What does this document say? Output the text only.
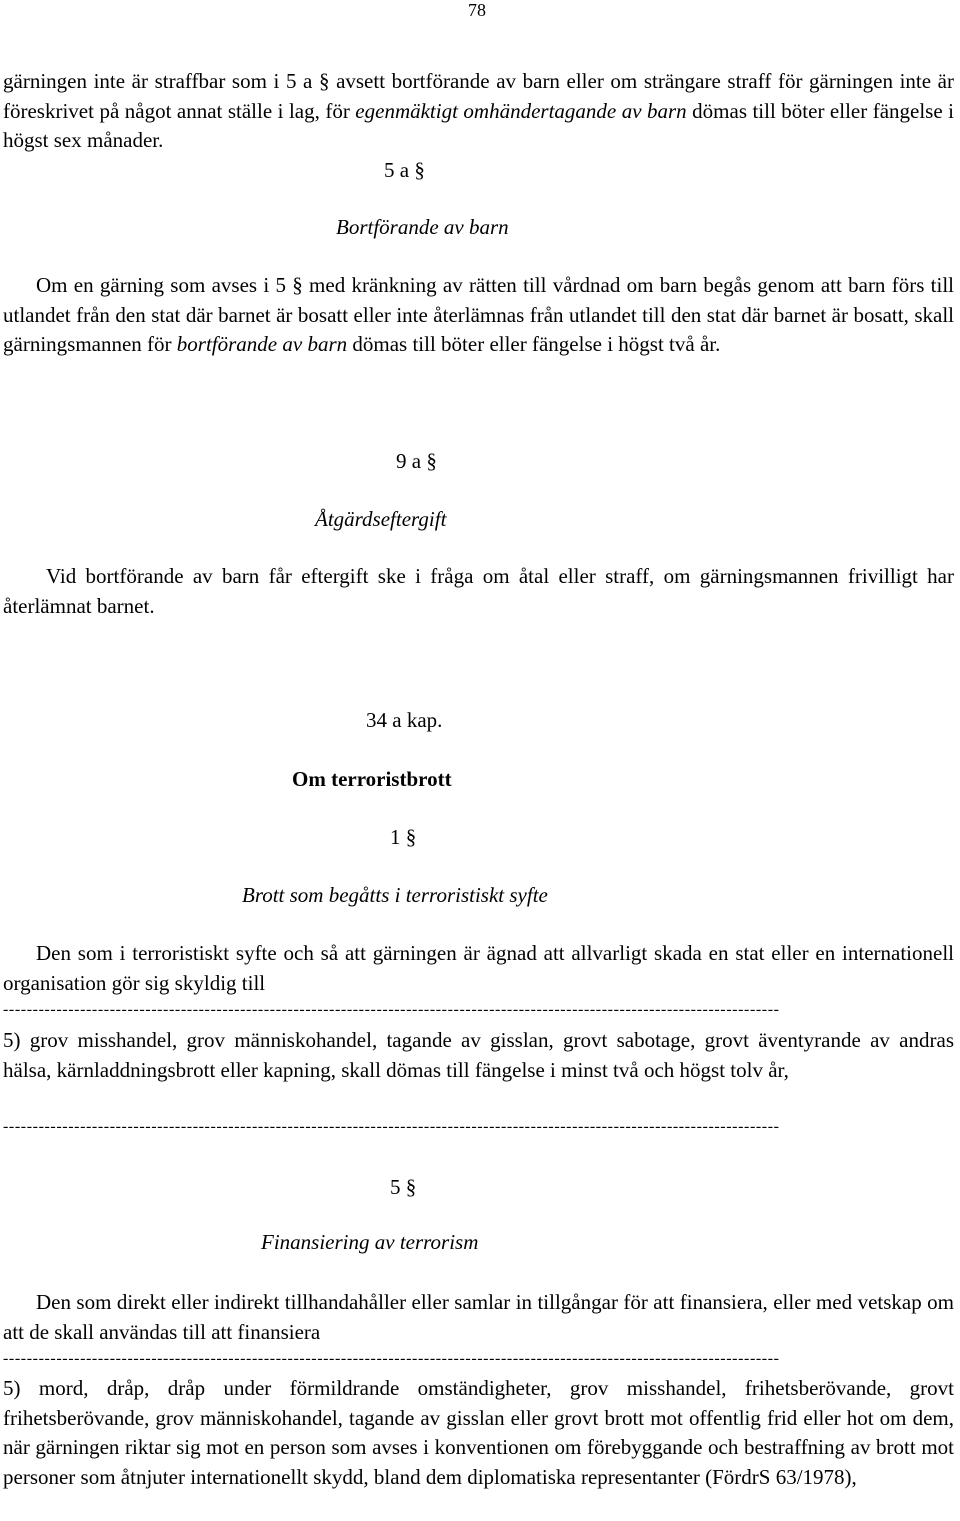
78
gärningen inte är straffbar som i 5 a § avsett bortförande av barn eller om strängare straff för gärningen inte är föreskrivet på något annat ställe i lag, för egenmäktigt omhändertagande av barn dömas till böter eller fängelse i högst sex månader.
5 a §
Bortförande av barn
Om en gärning som avses i 5 § med kränkning av rätten till vårdnad om barn begås genom att barn förs till utlandet från den stat där barnet är bosatt eller inte återlämnas från utlandet till den stat där barnet är bosatt, skall gärningsmannen för bortförande av barn dömas till böter eller fängelse i högst två år.
9 a §
Åtgärdseftergift
Vid bortförande av barn får eftergift ske i fråga om åtal eller straff, om gärningsmannen frivilligt har återlämnat barnet.
34 a kap.
Om terroristbrott
1 §
Brott som begåtts i terroristiskt syfte
Den som i terroristiskt syfte och så att gärningen är ägnad att allvarligt skada en stat eller en internationell organisation gör sig skyldig till
-----------------------------------------------------------------------------------------------------------------------------------
5) grov misshandel, grov människohandel, tagande av gisslan, grovt sabotage, grovt äventyrande av andras hälsa, kärnladdningsbrott eller kapning, skall dömas till fängelse i minst två och högst tolv år,
-----------------------------------------------------------------------------------------------------------------------------------
5 §
Finansiering av terrorism
Den som direkt eller indirekt tillhandahåller eller samlar in tillgångar för att finansiera, eller med vetskap om att de skall användas till att finansiera
-----------------------------------------------------------------------------------------------------------------------------------
5) mord, dråp, dråp under förmildrande omständigheter, grov misshandel, frihetsberövande, grovt frihetsberövande, grov människohandel, tagande av gisslan eller grovt brott mot offentlig frid eller hot om dem, när gärningen riktar sig mot en person som avses i konventionen om förebyggande och bestraffning av brott mot personer som åtnjuter internationellt skydd, bland dem diplomatiska representanter (FördrS 63/1978),
